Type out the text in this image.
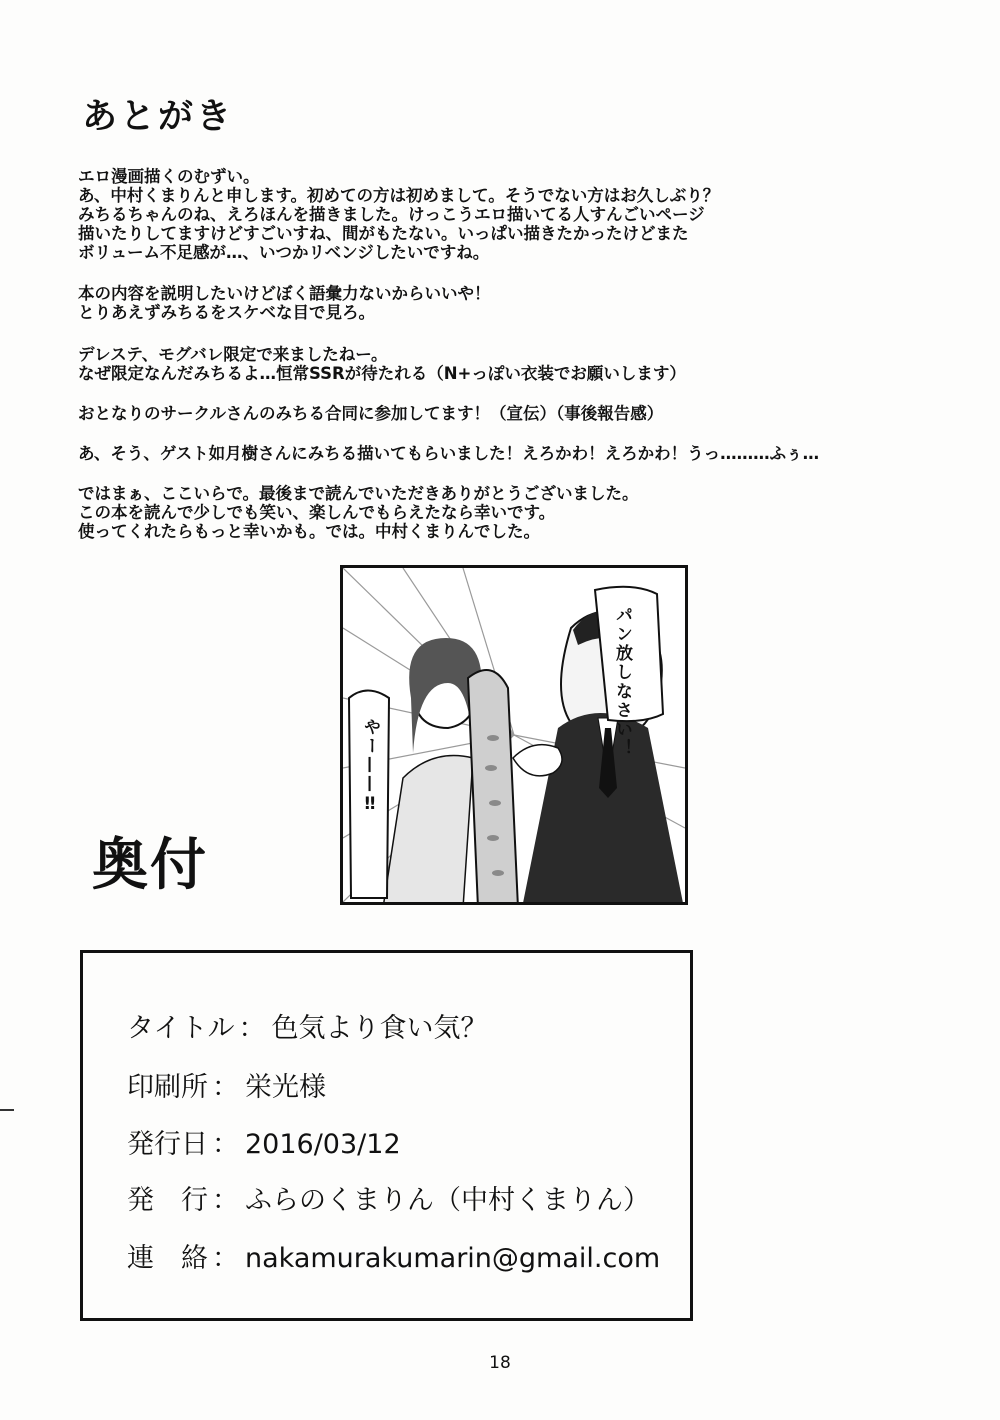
あとがき
エロ漫画描くのむずい。
あ、中村くまりんと申します。初めての方は初めまして。そうでない方はお久しぶり？
みちるちゃんのね、えろほんを描きました。けっこうエロ描いてる人すんごいページ
描いたりしてますけどすごいすね、間がもたない。いっぱい描きたかったけどまた
ボリューム不足感が…、いつかリベンジしたいですね。
本の内容を説明したいけどぼく語彙力ないからいいや！
とりあえずみちるをスケベな目で見ろ。
デレステ、モグバレ限定で来ましたねー。
なぜ限定なんだみちるよ…恒常SSRが待たれる（N+っぽい衣装でお願いします）
おとなりのサークルさんのみちる合同に参加してます！（宣伝）（事後報告感）
あ、そう、ゲスト如月樹さんにみちる描いてもらいました！えろかわ！えろかわ！うっ………ふぅ…
ではまぁ、ここいらで。最後まで読んでいただきありがとうございました。
この本を読んで少しでも笑い、楽しんでもらえたなら幸いです。
使ってくれたらもっと幸いかも。では。中村くまりんでした。
パン放しなさい！
やー——‼
奥付
タイトル ： 色気より食い気？
印刷所 ： 栄光様
発行日 ： 2016/03/12
発　行 ： ふらのくまりん（中村くまりん）
連　絡 ： nakamurakumarin@gmail.com
18
